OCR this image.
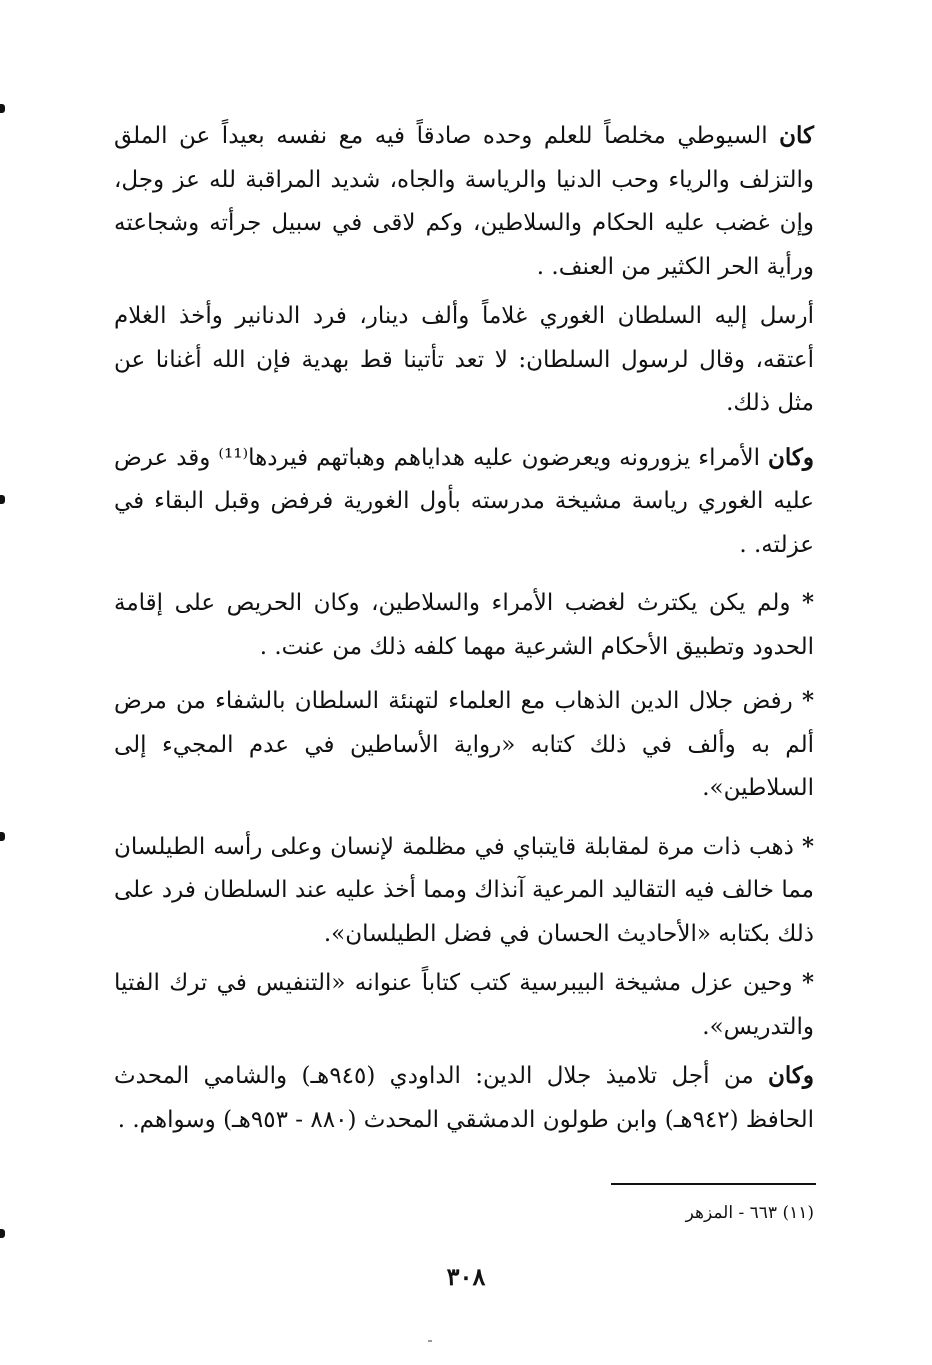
كان السيوطي مخلصاً للعلم وحده صادقاً فيه مع نفسه بعيداً عن الملق والتزلف والرياء وحب الدنيا والرياسة والجاه، شديد المراقبة لله عز وجل، وإن غضب عليه الحكام والسلاطين، وكم لاقى في سبيل جرأته وشجاعته ورأية الحر الكثير من العنف. .

أرسل إليه السلطان الغوري غلاماً وألف دينار، فرد الدنانير وأخذ الغلام أعتقه، وقال لرسول السلطان: لا تعد تأتينا قط بهدية فإن الله أغنانا عن مثل ذلك.

وكان الأمراء يزورونه ويعرضون عليه هداياهم وهباتهم فيردها⁽¹¹⁾ وقد عرض عليه الغوري رياسة مشيخة مدرسته بأول الغورية فرفض وقبل البقاء في عزلته. .

* ولم يكن يكترث لغضب الأمراء والسلاطين، وكان الحريص على إقامة الحدود وتطبيق الأحكام الشرعية مهما كلفه ذلك من عنت. .

* رفض جلال الدين الذهاب مع العلماء لتهنئة السلطان بالشفاء من مرض ألم به وألف في ذلك كتابه «رواية الأساطين في عدم المجيء إلى السلاطين».

* ذهب ذات مرة لمقابلة قايتباي في مظلمة لإنسان وعلى رأسه الطيلسان مما خالف فيه التقاليد المرعية آنذاك ومما أخذ عليه عند السلطان فرد على ذلك بكتابه «الأحاديث الحسان في فضل الطيلسان».

* وحين عزل مشيخة البيبرسية كتب كتاباً عنوانه «التنفيس في ترك الفتيا والتدريس».

وكان من أجل تلاميذ جلال الدين: الداودي (٩٤٥هـ) والشامي المحدث الحافظ (٩٤٢هـ) وابن طولون الدمشقي المحدث (٨٨٠ - ٩٥٣هـ) وسواهم. .

(١١) ٦٦٣ - المزهر
٣٠٨
